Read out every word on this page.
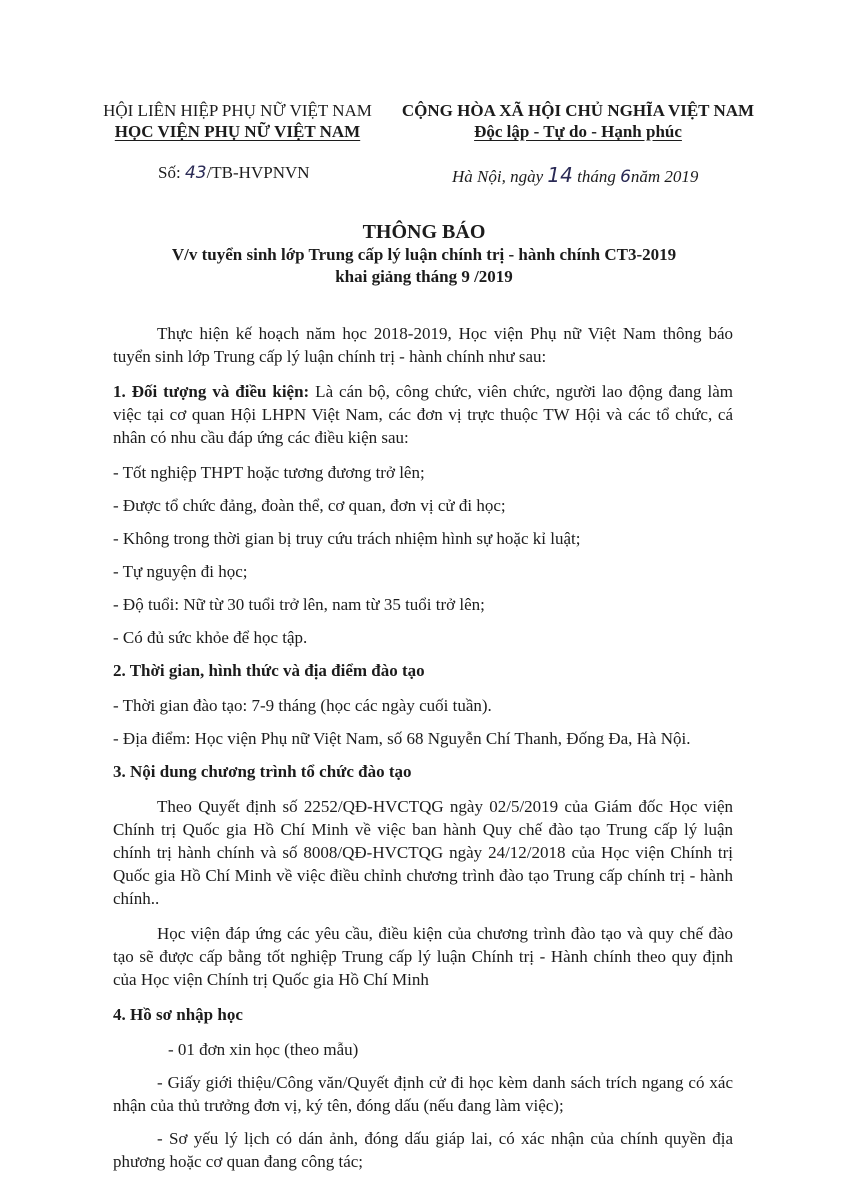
HỘI LIÊN HIỆP PHỤ NỮ VIỆT NAM
HỌC VIỆN PHỤ NỮ VIỆT NAM
CỘNG HÒA XÃ HỘI CHỦ NGHĨA VIỆT NAM
Độc lập - Tự do - Hạnh phúc
Số: 43/TB-HVPNVN	Hà Nội, ngày 14 tháng 6năm 2019
THÔNG BÁO
V/v tuyển sinh lớp Trung cấp lý luận chính trị - hành chính CT3-2019
khai giảng tháng 9 /2019

Thực hiện kế hoạch năm học 2018-2019, Học viện Phụ nữ Việt Nam thông báo tuyển sinh lớp Trung cấp lý luận chính trị - hành chính như sau:

1. Đối tượng và điều kiện: Là cán bộ, công chức, viên chức, người lao động đang làm việc tại cơ quan Hội LHPN Việt Nam, các đơn vị trực thuộc TW Hội và các tổ chức, cá nhân có nhu cầu đáp ứng các điều kiện sau:

- Tốt nghiệp THPT hoặc tương đương trở lên;

- Được tổ chức đảng, đoàn thể, cơ quan, đơn vị cử đi học;

- Không trong thời gian bị truy cứu trách nhiệm hình sự hoặc kỉ luật;

- Tự nguyện đi học;

- Độ tuổi: Nữ từ 30 tuổi trở lên, nam từ 35 tuổi trở lên;

- Có đủ sức khỏe để học tập.

2. Thời gian, hình thức và địa điểm đào tạo

- Thời gian đào tạo: 7-9 tháng (học các ngày cuối tuần).

- Địa điểm: Học viện Phụ nữ Việt Nam, số 68 Nguyễn Chí Thanh, Đống Đa, Hà Nội.

3. Nội dung chương trình tổ chức đào tạo

Theo Quyết định số 2252/QĐ-HVCTQG ngày 02/5/2019 của Giám đốc Học viện Chính trị Quốc gia Hồ Chí Minh về việc ban hành Quy chế đào tạo Trung cấp lý luận chính trị hành chính và số 8008/QĐ-HVCTQG ngày 24/12/2018 của Học viện Chính trị Quốc gia Hồ Chí Minh về việc điều chỉnh chương trình đào tạo Trung cấp chính trị - hành chính..

Học viện đáp ứng các yêu cầu, điều kiện của chương trình đào tạo và quy chế đào tạo sẽ được cấp bằng tốt nghiệp Trung cấp lý luận Chính trị - Hành chính theo quy định của Học viện Chính trị Quốc gia Hồ Chí Minh

4. Hồ sơ nhập học

- 01 đơn xin học (theo mẫu)

- Giấy giới thiệu/Công văn/Quyết định cử đi học kèm danh sách trích ngang có xác nhận của thủ trưởng đơn vị, ký tên, đóng dấu (nếu đang làm việc);

- Sơ yếu lý lịch có dán ảnh, đóng dấu giáp lai, có xác nhận của chính quyền địa phương hoặc cơ quan đang công tác;
